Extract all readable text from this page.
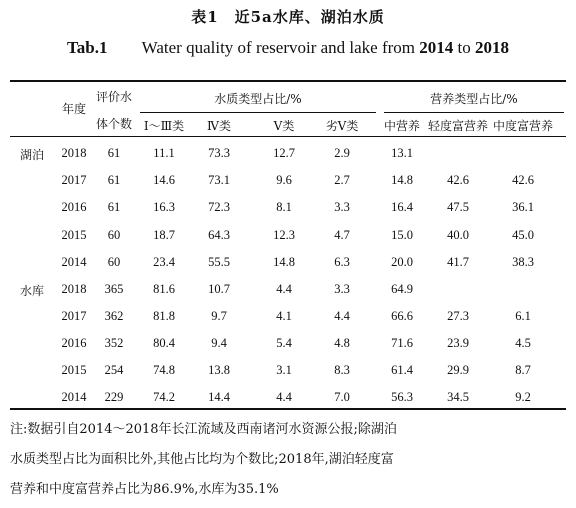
表1　近5a水库、湖泊水质
Tab.1 Water quality of reservoir and lake from 2014 to 2018
年度
评价水
体个数
水质类型占比/%	营养类型占比/%
Ⅰ～Ⅲ类	Ⅳ类	Ⅴ类	劣Ⅴ类	中营养 轻度富营养 中度富营养
湖泊	2018	61	11.1	73.3	12.7	2.9	13.1
2017	61	14.6	73.1	9.6	2.7	14.8	42.6	42.6
2016	61	16.3	72.3	8.1	3.3	16.4	47.5	36.1
2015	60	18.7	64.3	12.3	4.7	15.0	40.0	45.0
2014	60	23.4	55.5	14.8	6.3	20.0	41.7	38.3
水库	2018	365	81.6	10.7	4.4	3.3	64.9
2017	362	81.8	9.7	4.1	4.4	66.6	27.3	6.1
2016	352	80.4	9.4	5.4	4.8	71.6	23.9	4.5
2015	254	74.8	13.8	3.1	8.3	61.4	29.9	8.7
2014	229	74.2	14.4	4.4	7.0	56.3	34.5	9.2
注:数据引自2014～2018年长江流域及西南诸河水资源公报;除湖泊
水质类型占比为面积比外,其他占比均为个数比;2018年,湖泊轻度富
营养和中度富营养占比为86.9%,水库为35.1%
